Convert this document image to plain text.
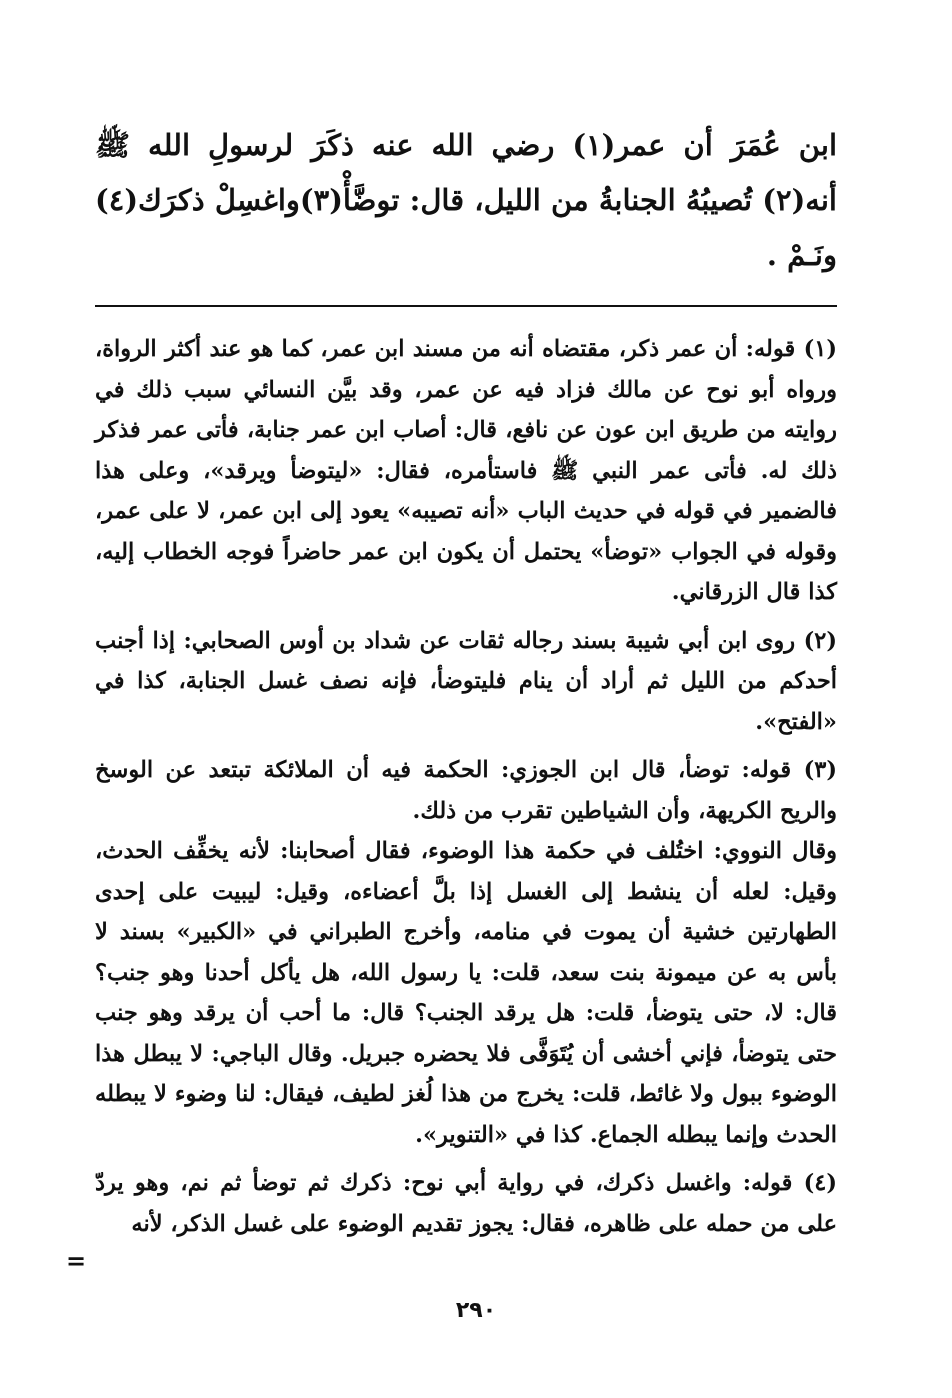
ابن عُمَرَ أن عمر(١) رضي الله عنه ذكَرَ لرسولِ الله ﷺ أنه(٢) تُصيبُهُ الجنابةُ من الليل، قال: توضَّأْ(٣)واغسِلْ ذكرَك(٤) ونَـمْ .

(١) قوله: أن عمر ذكر، مقتضاه أنه من مسند ابن عمر، كما هو عند أكثر الرواة، ورواه أبو نوح عن مالك فزاد فيه عن عمر، وقد بيَّن النسائي سبب ذلك في روايته من طريق ابن عون عن نافع، قال: أصاب ابن عمر جنابة، فأتى عمر فذكر ذلك له. فأتى عمر النبي ﷺ فاستأمره، فقال: «ليتوضأ ويرقد»، وعلى هذا فالضمير في قوله في حديث الباب «أنه تصيبه» يعود إلى ابن عمر، لا على عمر، وقوله في الجواب «توضأ» يحتمل أن يكون ابن عمر حاضراً فوجه الخطاب إليه، كذا قال الزرقاني.

(٢) روى ابن أبي شيبة بسند رجاله ثقات عن شداد بن أوس الصحابي: إذا أجنب أحدكم من الليل ثم أراد أن ينام فليتوضأ، فإنه نصف غسل الجنابة، كذا في «الفتح».

(٣) قوله: توضأ، قال ابن الجوزي: الحكمة فيه أن الملائكة تبتعد عن الوسخ والريح الكريهة، وأن الشياطين تقرب من ذلك.

وقال النووي: اختُلف في حكمة هذا الوضوء، فقال أصحابنا: لأنه يخفِّف الحدث، وقيل: لعله أن ينشط إلى الغسل إذا بلَّ أعضاءه، وقيل: ليبيت على إحدى الطهارتين خشية أن يموت في منامه، وأخرج الطبراني في «الكبير» بسند لا بأس به عن ميمونة بنت سعد، قلت: يا رسول الله، هل يأكل أحدنا وهو جنب؟ قال: لا، حتى يتوضأ، قلت: هل يرقد الجنب؟ قال: ما أحب أن يرقد وهو جنب حتى يتوضأ، فإني أخشى أن يُتَوَفَّى فلا يحضره جبريل. وقال الباجي: لا يبطل هذا الوضوء ببول ولا غائط، قلت: يخرج من هذا لُغز لطيف، فيقال: لنا وضوء لا يبطله الحدث وإنما يبطله الجماع. كذا في «التنوير».

(٤) قوله: واغسل ذكرك، في رواية أبي نوح: ذكرك ثم توضأ ثم نم، وهو يردّ على من حمله على ظاهره، فقال: يجوز تقديم الوضوء على غسل الذكر، لأنه

=
٢٩٠
